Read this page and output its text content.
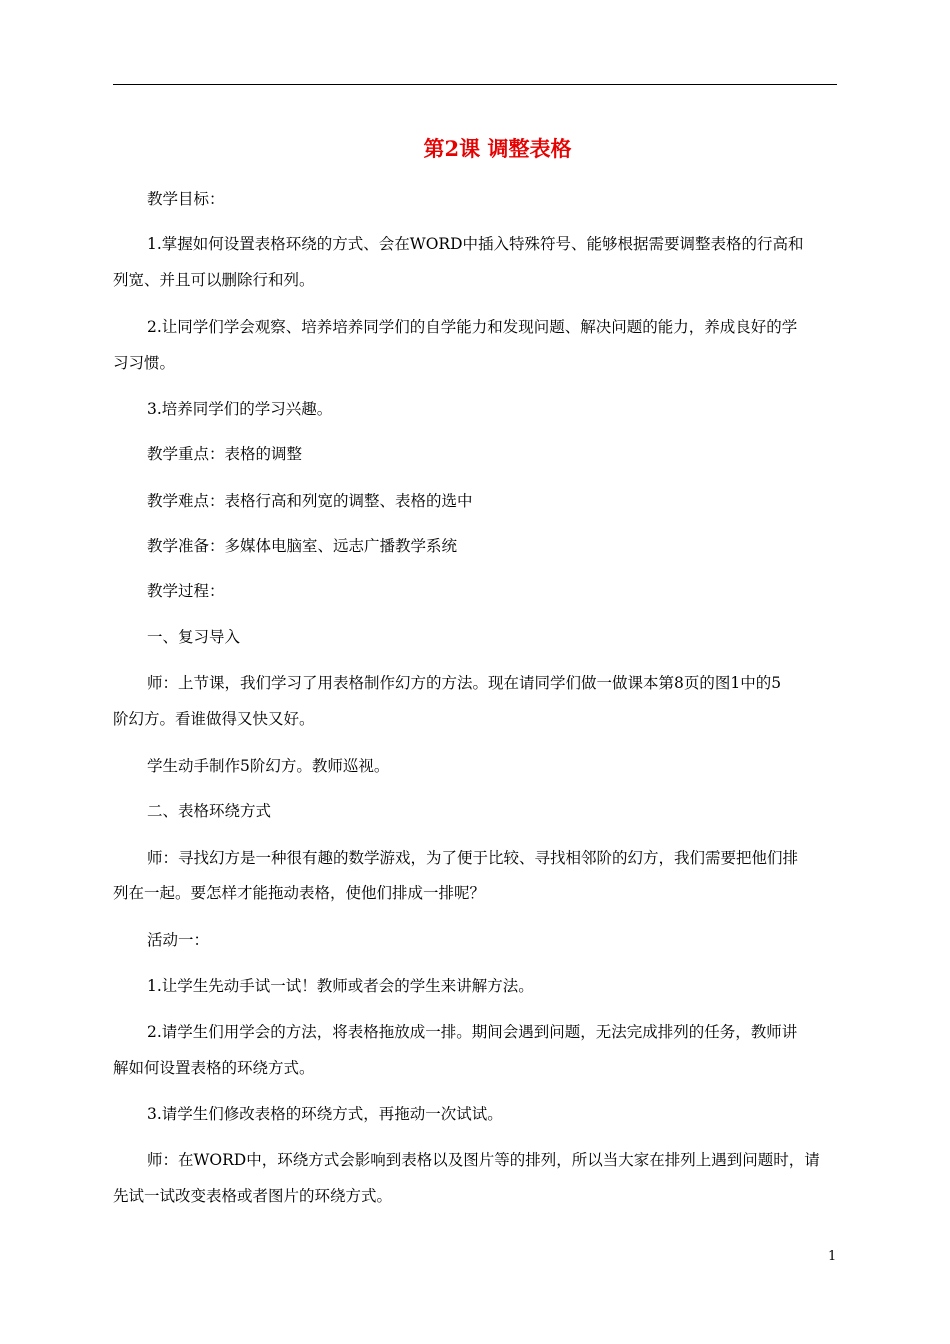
第2课 调整表格
教学目标：
1.掌握如何设置表格环绕的方式、会在WORD中插入特殊符号、能够根据需要调整表格的行高和
列宽、并且可以删除行和列。
2.让同学们学会观察、培养培养同学们的自学能力和发现问题、解决问题的能力，养成良好的学
习习惯。
3.培养同学们的学习兴趣。
教学重点：表格的调整
教学难点：表格行高和列宽的调整、表格的选中
教学准备：多媒体电脑室、远志广播教学系统
教学过程：
一、复习导入
师：上节课，我们学习了用表格制作幻方的方法。现在请同学们做一做课本第8页的图1中的5
阶幻方。看谁做得又快又好。
学生动手制作5阶幻方。教师巡视。
二、表格环绕方式
师：寻找幻方是一种很有趣的数学游戏，为了便于比较、寻找相邻阶的幻方，我们需要把他们排
列在一起。要怎样才能拖动表格，使他们排成一排呢？
活动一：
1.让学生先动手试一试！教师或者会的学生来讲解方法。
2.请学生们用学会的方法，将表格拖放成一排。期间会遇到问题，无法完成排列的任务，教师讲
解如何设置表格的环绕方式。
3.请学生们修改表格的环绕方式，再拖动一次试试。
师：在WORD中，环绕方式会影响到表格以及图片等的排列，所以当大家在排列上遇到问题时，请
先试一试改变表格或者图片的环绕方式。
1
